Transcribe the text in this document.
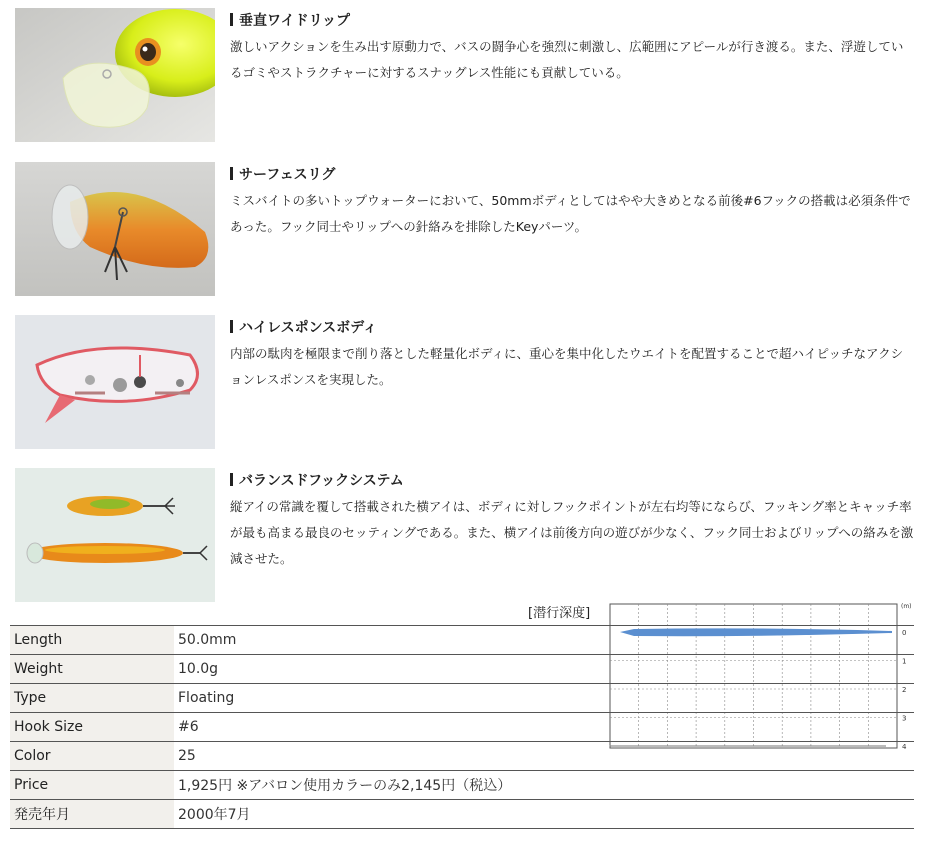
垂直ワイドリップ
激しいアクションを生み出す原動力で、バスの闘争心を強烈に刺激し、広範囲にアピールが行き渡る。また、浮遊しているゴミやストラクチャーに対するスナッグレス性能にも貢献している。
サーフェスリグ
ミスバイトの多いトップウォーターにおいて、50mmボディとしてはやや大きめとなる前後#6フックの搭載は必須条件であった。フック同士やリップへの針絡みを排除したKeyパーツ。
ハイレスポンスボディ
内部の駄肉を極限まで削り落とした軽量化ボディに、重心を集中化したウエイトを配置することで超ハイピッチなアクションレスポンスを実現した。
バランスドフックシステム
縦アイの常識を覆して搭載された横アイは、ボディに対しフックポイントが左右均等にならび、フッキング率とキャッチ率が最も高まる最良のセッティングである。また、横アイは前後方向の遊びが少なく、フック同士およびリップへの絡みを激減させた。
[潜行深度]
0
1
2
3
4
(m)
Length	50.0mm
Weight	10.0g
Type	Floating
Hook Size	#6
Color	25
Price	1,925円 ※アバロン使用カラーのみ2,145円（税込）
発売年月	2000年7月
